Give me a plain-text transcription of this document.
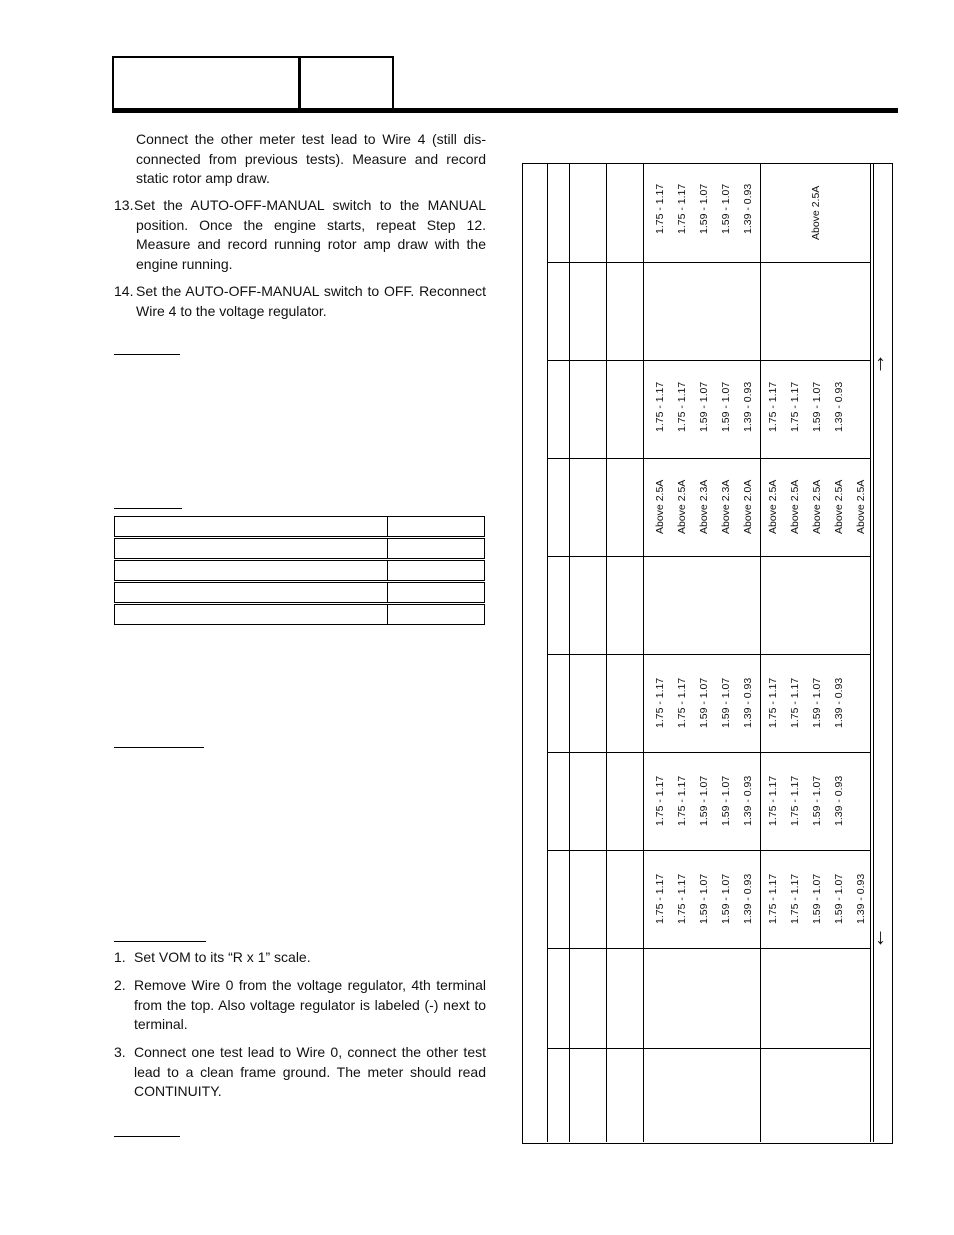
Connect the other meter test lead to Wire 4 (still dis-connected from previous tests). Measure and record static rotor amp draw.
13. Set the AUTO-OFF-MANUAL switch to the MANUAL position. Once the engine starts, repeat Step 12. Measure and record running rotor amp draw with the engine running.
14. Set the AUTO-OFF-MANUAL switch to OFF. Reconnect Wire 4 to the voltage regulator.
1. Set VOM to its “R x 1” scale.
2. Remove Wire 0 from the voltage regulator, 4th terminal from the top. Also voltage regulator is labeled (-) next to terminal.
3. Connect one test lead to Wire 0, connect the other test lead to a clean frame ground. The meter should read CONTINUITY.
1.75 - 1.17 1.75 - 1.17 1.59 - 1.07 1.59 - 1.07 1.39 - 0.93	Above 2.5A
1.75 - 1.17 1.75 - 1.17 1.59 - 1.07 1.59 - 1.07 1.39 - 0.93 1.75 - 1.17 1.75 - 1.17 1.59 - 1.07 1.39 - 0.93
Above 2.5A Above 2.5A Above 2.3A Above 2.3A Above 2.0A Above 2.5A Above 2.5A Above 2.5A Above 2.5A Above 2.5A
1.75 - 1.17 1.75 - 1.17 1.59 - 1.07 1.59 - 1.07 1.39 - 0.93 1.75 - 1.17 1.75 - 1.17 1.59 - 1.07 1.39 - 0.93
1.75 - 1.17 1.75 - 1.17 1.59 - 1.07 1.59 - 1.07 1.39 - 0.93 1.75 - 1.17 1.75 - 1.17 1.59 - 1.07 1.39 - 0.93
1.75 - 1.17 1.75 - 1.17 1.59 - 1.07 1.59 - 1.07 1.39 - 0.93 1.75 - 1.17 1.75 - 1.17 1.59 - 1.07 1.59 - 1.07 1.39 - 0.93
↑
↓
